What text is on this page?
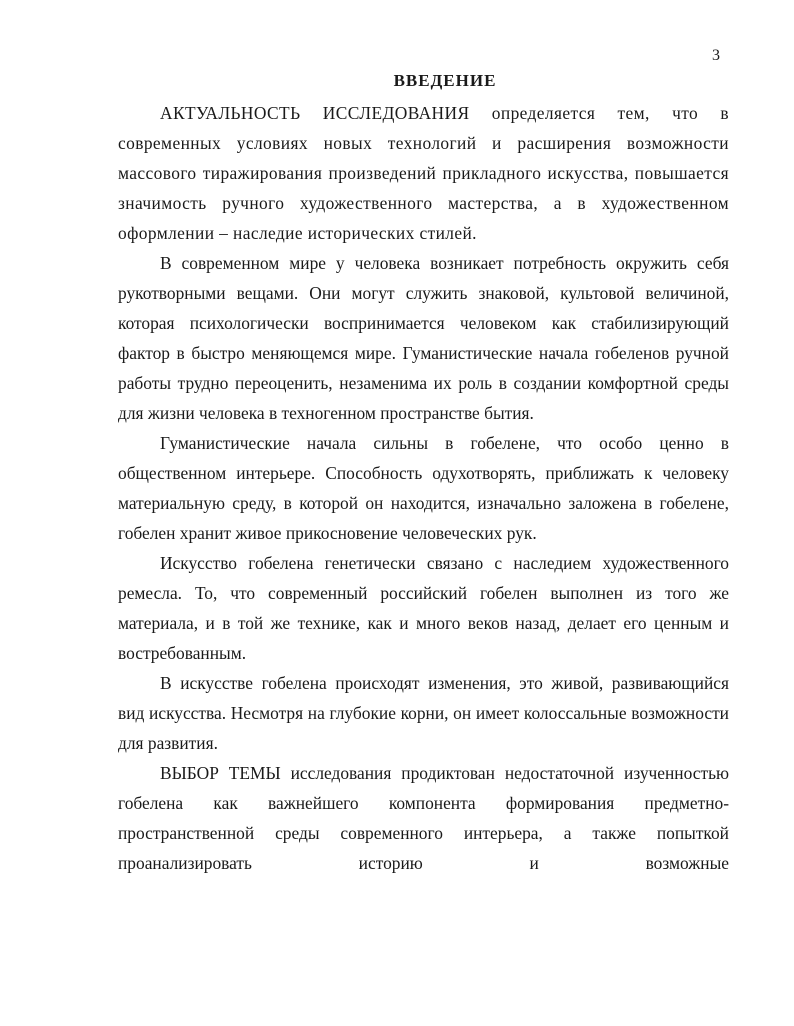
3
ВВЕДЕНИЕ

АКТУАЛЬНОСТЬ ИССЛЕДОВАНИЯ определяется тем, что в современных условиях новых технологий и расширения возможности массового тиражирования произведений прикладного искусства, повышается значимость ручного художественного мастерства, а в художественном оформлении – наследие исторических стилей.

В современном мире у человека возникает потребность окружить себя рукотворными вещами. Они могут служить знаковой, культовой величиной, которая психологически воспринимается человеком как стабилизирующий фактор в быстро меняющемся мире. Гуманистические начала гобеленов ручной работы трудно переоценить, незаменима их роль в создании комфортной среды для жизни человека в техногенном пространстве бытия.

Гуманистические начала сильны в гобелене, что особо ценно в общественном интерьере. Способность одухотворять, приближать к человеку материальную среду, в которой он находится, изначально заложена в гобелене, гобелен хранит живое прикосновение человеческих рук.

Искусство гобелена генетически связано с наследием художественного ремесла. То, что современный российский гобелен выполнен из того же материала, и в той же технике, как и много веков назад, делает его ценным и востребованным.

В искусстве гобелена происходят изменения, это живой, развивающийся вид искусства. Несмотря на глубокие корни, он имеет колоссальные возможности для развития.

ВЫБОР ТЕМЫ исследования продиктован недостаточной изученностью гобелена как важнейшего компонента формирования предметно-пространственной среды современного интерьера, а также попыткой проанализировать историю и возможные
